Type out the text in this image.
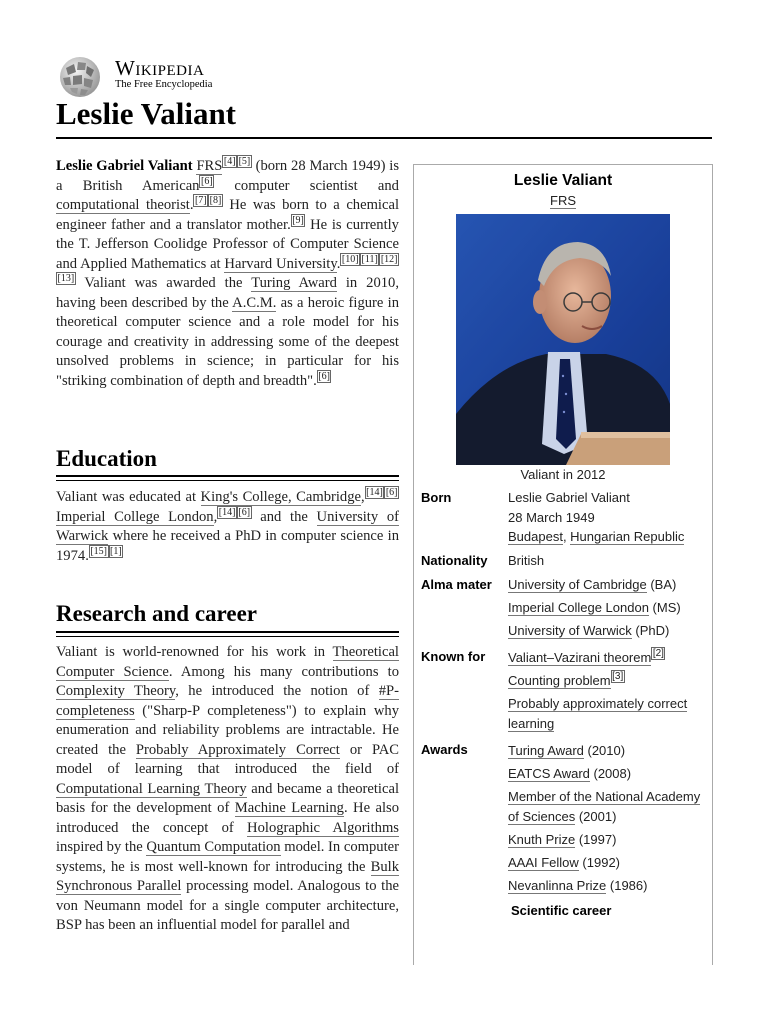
Wikipedia
The Free Encyclopedia
Leslie Valiant

Leslie Gabriel Valiant FRS [4] [5] (born 28 March 1949) is a British American [6] computer scientist and computational theorist. [7] [8] He was born to a chemical engineer father and a translator mother. [9] He is currently the T. Jefferson Coolidge Professor of Computer Science and Applied Mathematics at Harvard University. [10] [11] [12][13] Valiant was awarded the Turing Award in 2010, having been described by the A.C.M. as a heroic figure in theoretical computer science and a role model for his courage and creativity in addressing some of the deepest unsolved problems in science; in particular for his "striking combination of depth and breadth". [6]

Education

Valiant was educated at King's College, Cambridge, [14] [6] Imperial College London, [14] [6] and the University of Warwick where he received a PhD in computer science in 1974. [15] [1]

Research and career

Valiant is world-renowned for his work in Theoretical Computer Science. Among his many contributions to Complexity Theory, he introduced the notion of #P-completeness ("Sharp-P completeness") to explain why enumeration and reliability problems are intractable. He created the Probably Approximately Correct or PAC model of learning that introduced the field of Computational Learning Theory and became a theoretical basis for the development of Machine Learning. He also introduced the concept of Holographic Algorithms inspired by the Quantum Computation model. In computer systems, he is most well-known for introducing the Bulk Synchronous Parallel processing model. Analogous to the von Neumann model for a single computer architecture, BSP has been an influential model for parallel and

Leslie Valiant
FRS
Valiant in 2012
Born	Leslie Gabriel Valiant
28 March 1949
Budapest, Hungarian Republic
Nationality British
Alma mater University of Cambridge (BA)
Imperial College London (MS)
University of Warwick (PhD)
Known for Valiant–Vazirani theorem [2]
Counting problem [3]
Probably approximately correct learning
Awards	Turing Award (2010)
EATCS Award (2008)
Member of the National Academy of Sciences (2001)
Knuth Prize (1997)
AAAI Fellow (1992)
Nevanlinna Prize (1986)
Scientific career
